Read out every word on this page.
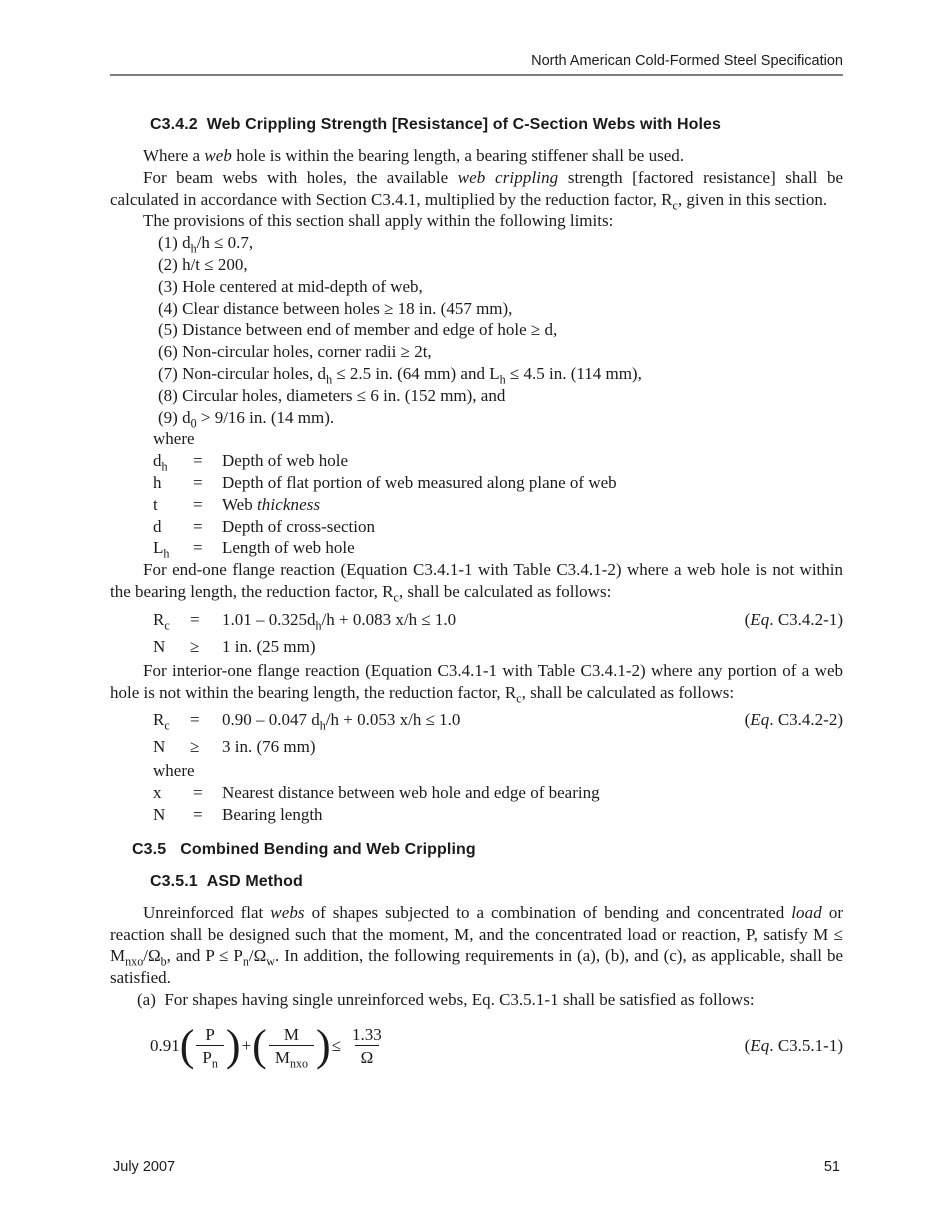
North American Cold-Formed Steel Specification
C3.4.2 Web Crippling Strength [Resistance] of C-Section Webs with Holes

Where a web hole is within the bearing length, a bearing stiffener shall be used.

For beam webs with holes, the available web crippling strength [factored resistance] shall be calculated in accordance with Section C3.4.1, multiplied by the reduction factor, $R_c$, given in this section.

The provisions of this section shall apply within the following limits:

(1) $d_h/h \le 0.7$,
(2) h/t ≤ 200,
(3) Hole centered at mid-depth of web,
(4) Clear distance between holes ≥ 18 in. (457 mm),
(5) Distance between end of member and edge of hole ≥ d,
(6) Non-circular holes, corner radii ≥ 2t,
(7) Non-circular holes, $d_h \le 2.5$ in. (64 mm) and $L_h \le 4.5$ in. (114 mm),
(8) Circular holes, diameters ≤ 6 in. (152 mm), and
(9) $d_0 > 9/16$ in. (14 mm).
where
$d_h$	=	Depth of web hole
h	=	Depth of flat portion of web measured along plane of web
t	=	Web thickness
d	=	Depth of cross-section
$L_h$	=	Length of web hole

For end-one flange reaction (Equation C3.4.1-1 with Table C3.4.1-2) where a web hole is not within the bearing length, the reduction factor, $R_c$, shall be calculated as follows:

$R_c$	=	$1.01 - 0.325d_h/h + 0.083$ x/h ≤ 1.0	(Eq. C3.4.2-1)
N	≥	1 in. (25 mm)

For interior-one flange reaction (Equation C3.4.1-1 with Table C3.4.1-2) where any portion of a web hole is not within the bearing length, the reduction factor, $R_c$, shall be calculated as follows:

$R_c$	=	0.90 – 0.047 $d_h/h + 0.053$ x/h ≤ 1.0	(Eq. C3.4.2-2)
N	≥	3 in. (76 mm)
where
x	=	Nearest distance between web hole and edge of bearing
N	=	Bearing length
C3.5 Combined Bending and Web Crippling
C3.5.1 ASD Method

Unreinforced flat webs of shapes subjected to a combination of bending and concentrated load or reaction shall be designed such that the moment, M, and the concentrated load or reaction, P, satisfy $M \le M_{nxo}/\Omega_b$, and $P \le P_n/\Omega_w$. In addition, the following requirements in (a), (b), and (c), as applicable, shall be satisfied.

(a) For shapes having single unreinforced webs, Eq. C3.5.1-1 shall be satisfied as follows:

0.91 ( $\frac{P}{P_n}$ ) + ( $\frac{M}{M_{nxo}}$ ) ≤ $\frac{1.33}{\Omega}$	(Eq. C3.5.1-1)
July 2007	51
